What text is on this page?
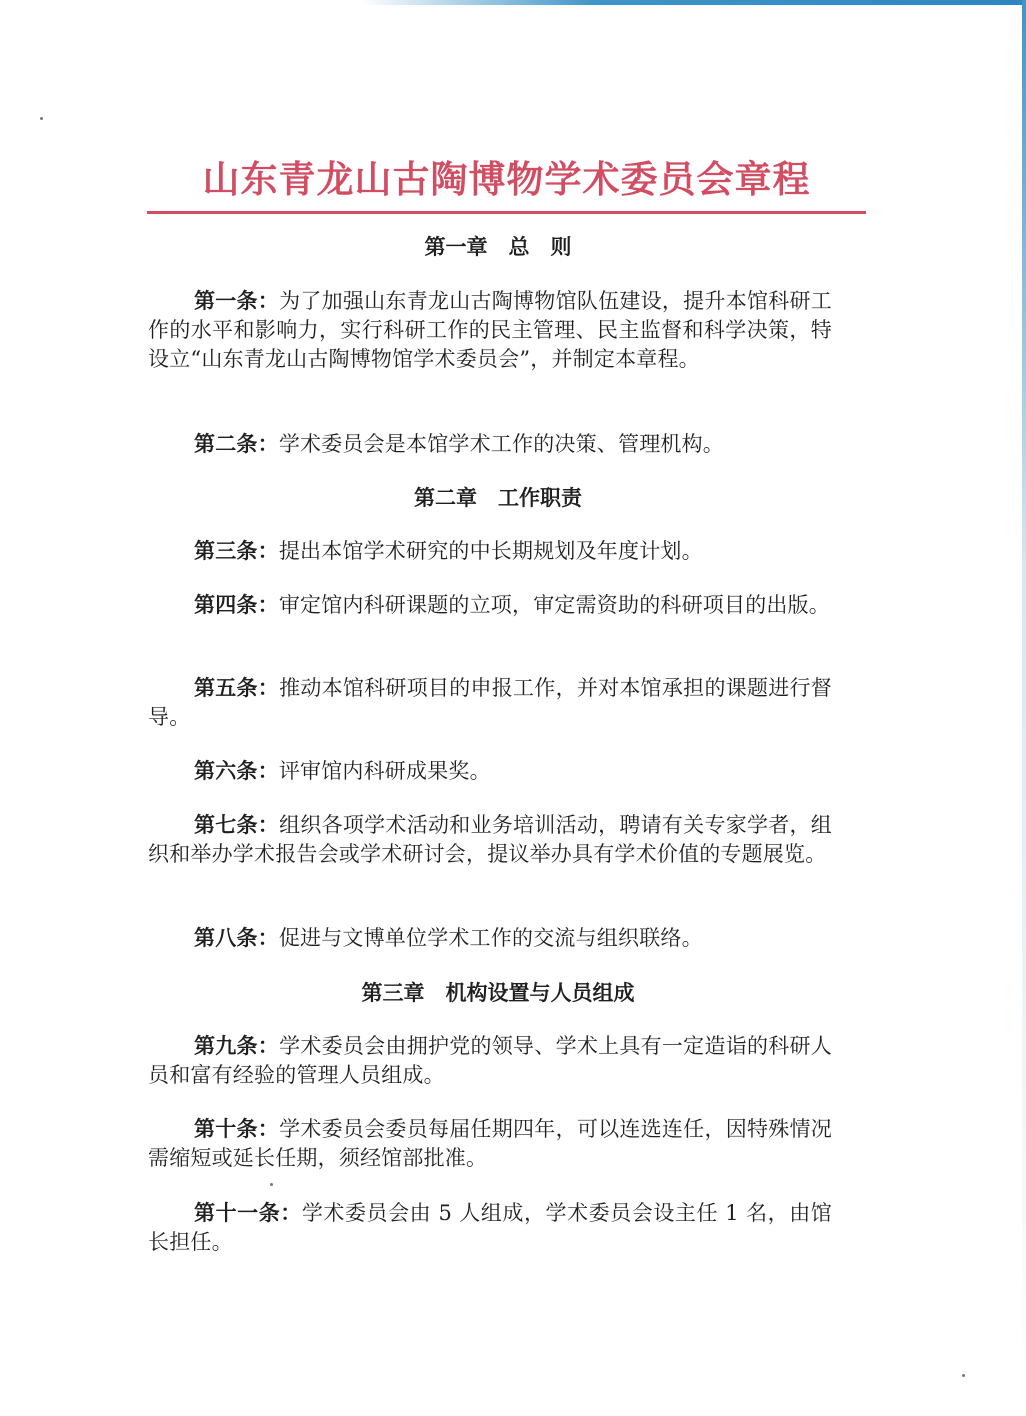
山东青龙山古陶博物学术委员会章程
第一章　总　则

第一条：为了加强山东青龙山古陶博物馆队伍建设，提升本馆科研工作的水平和影响力，实行科研工作的民主管理、民主监督和科学决策，特设立“山东青龙山古陶博物馆学术委员会”，并制定本章程。

第二条：学术委员会是本馆学术工作的决策、管理机构。

第二章　工作职责

第三条：提出本馆学术研究的中长期规划及年度计划。

第四条：审定馆内科研课题的立项，审定需资助的科研项目的出版。

第五条：推动本馆科研项目的申报工作，并对本馆承担的课题进行督导。

第六条：评审馆内科研成果奖。

第七条：组织各项学术活动和业务培训活动，聘请有关专家学者，组织和举办学术报告会或学术研讨会，提议举办具有学术价值的专题展览。

第八条：促进与文博单位学术工作的交流与组织联络。

第三章　机构设置与人员组成

第九条：学术委员会由拥护党的领导、学术上具有一定造诣的科研人员和富有经验的管理人员组成。

第十条：学术委员会委员每届任期四年，可以连选连任，因特殊情况需缩短或延长任期，须经馆部批准。

第十一条：学术委员会由 5 人组成，学术委员会设主任 1 名，由馆长担任。
